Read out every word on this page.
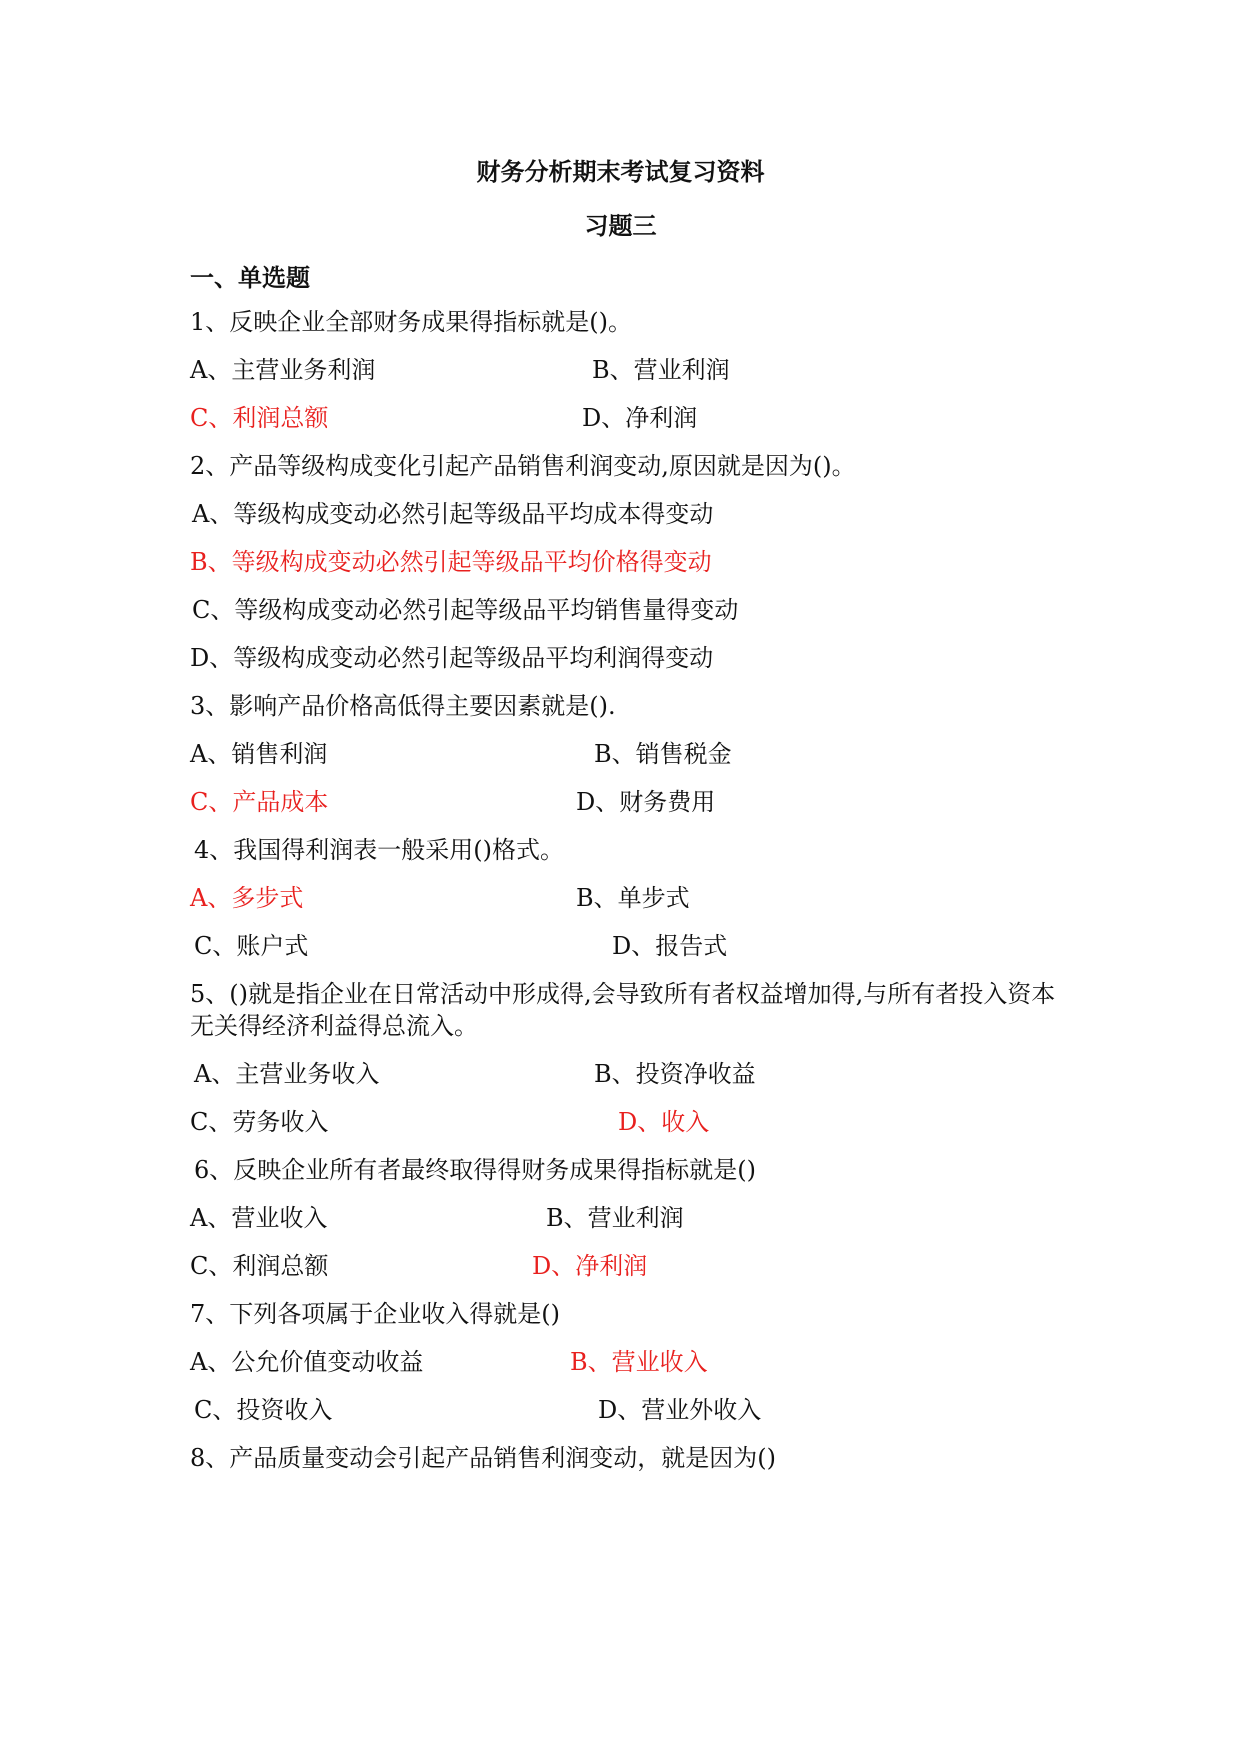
财务分析期末考试复习资料
习题三
一、单选题
1、反映企业全部财务成果得指标就是()。
A、主营业务利润	B、营业利润
C、利润总额	D、净利润
2、产品等级构成变化引起产品销售利润变动,原因就是因为()。
A、等级构成变动必然引起等级品平均成本得变动
B、等级构成变动必然引起等级品平均价格得变动
C、等级构成变动必然引起等级品平均销售量得变动
D、等级构成变动必然引起等级品平均利润得变动
3、影响产品价格高低得主要因素就是().
A、销售利润	B、销售税金
C、产品成本	D、财务费用
4、我国得利润表一般采用()格式。
A、多步式	B、单步式
C、账户式	D、报告式
5、()就是指企业在日常活动中形成得,会导致所有者权益增加得,与所有者投入资本无关得经济利益得总流入。
A、主营业务收入	B、投资净收益
C、劳务收入	D、收入
6、反映企业所有者最终取得得财务成果得指标就是()
A、营业收入	B、营业利润
C、利润总额	D、净利润
7、下列各项属于企业收入得就是()
A、公允价值变动收益	B、营业收入
C、投资收入	D、营业外收入
8、产品质量变动会引起产品销售利润变动，就是因为()
